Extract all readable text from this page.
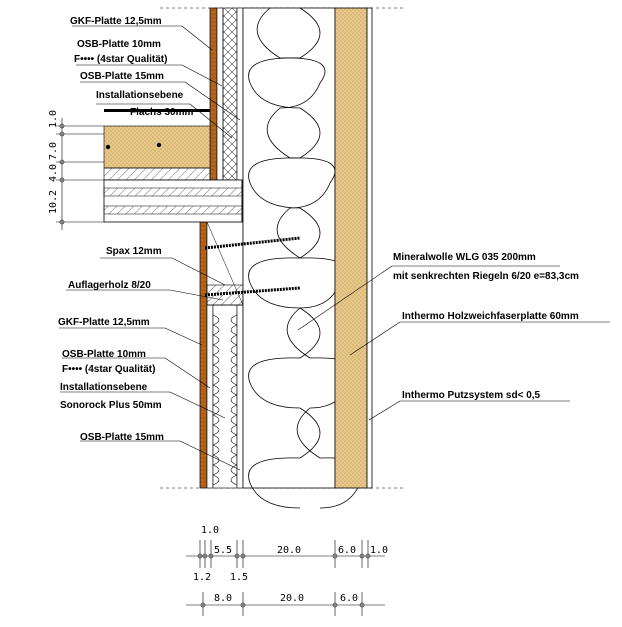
GKF-Platte 12,5mm
OSB-Platte 10mm
F•••• (4star Qualität)
OSB-Platte 15mm
Installationsebene
Flachs 30mm
Spax 12mm
Auflagerholz 8/20
GKF-Platte 12,5mm
OSB-Platte 10mm
F•••• (4star Qualität)
Installationsebene
Sonorock Plus 50mm
OSB-Platte 15mm
Mineralwolle WLG 035 200mm
mit senkrechten Riegeln 6/20 e=83,3cm
Inthermo Holzweichfaserplatte 60mm
Inthermo Putzsystem sd< 0,5
1.0
7.0
4.0
10.2
1.0
5.5	20.0	6.0 1.0
1.2 1.5
8.0	20.0	6.0
